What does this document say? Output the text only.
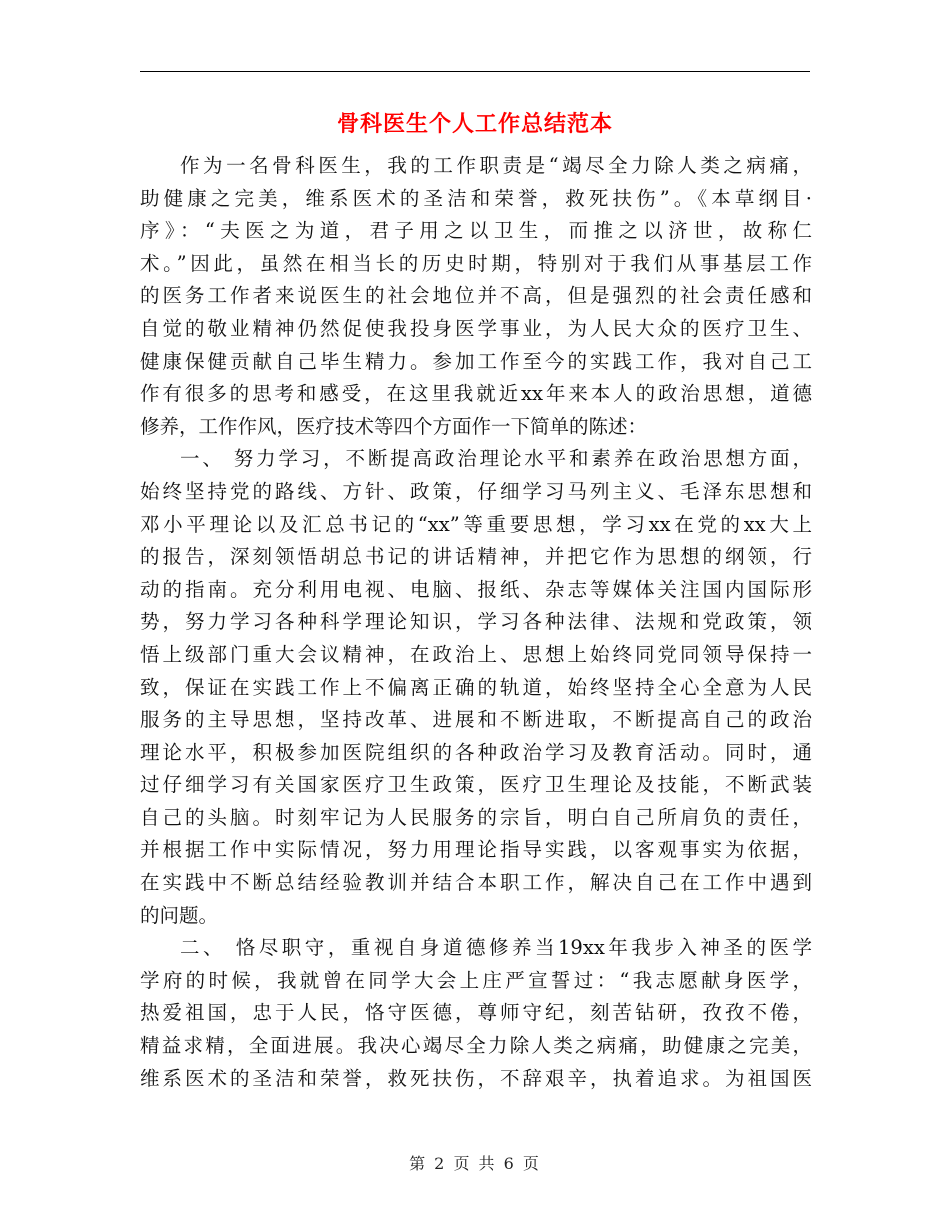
骨科医生个人工作总结范本
作为一名骨科医生，我的工作职责是“竭尽全力除人类之病痛，
助健康之完美，维系医术的圣洁和荣誉，救死扶伤”。《本草纲目·
序》：“夫医之为道，君子用之以卫生，而推之以济世，故称仁
术。”因此，虽然在相当长的历史时期，特别对于我们从事基层工作
的医务工作者来说医生的社会地位并不高，但是强烈的社会责任感和
自觉的敬业精神仍然促使我投身医学事业，为人民大众的医疗卫生、
健康保健贡献自己毕生精力。参加工作至今的实践工作，我对自己工
作有很多的思考和感受，在这里我就近xx年来本人的政治思想，道德
修养，工作作风，医疗技术等四个方面作一下简单的陈述：
一、 努力学习，不断提高政治理论水平和素养在政治思想方面，
始终坚持党的路线、方针、政策，仔细学习马列主义、毛泽东思想和
邓小平理论以及汇总书记的“xx”等重要思想，学习xx在党的xx大上
的报告，深刻领悟胡总书记的讲话精神，并把它作为思想的纲领，行
动的指南。充分利用电视、电脑、报纸、杂志等媒体关注国内国际形
势，努力学习各种科学理论知识，学习各种法律、法规和党政策，领
悟上级部门重大会议精神，在政治上、思想上始终同党同领导保持一
致，保证在实践工作上不偏离正确的轨道，始终坚持全心全意为人民
服务的主导思想，坚持改革、进展和不断进取，不断提高自己的政治
理论水平，积极参加医院组织的各种政治学习及教育活动。同时，通
过仔细学习有关国家医疗卫生政策，医疗卫生理论及技能，不断武装
自己的头脑。时刻牢记为人民服务的宗旨，明白自己所肩负的责任，
并根据工作中实际情况，努力用理论指导实践，以客观事实为依据，
在实践中不断总结经验教训并结合本职工作，解决自己在工作中遇到
的问题。
二、 恪尽职守，重视自身道德修养当19xx年我步入神圣的医学
学府的时候，我就曾在同学大会上庄严宣誓过：“我志愿献身医学，
热爱祖国，忠于人民，恪守医德，尊师守纪，刻苦钻研，孜孜不倦，
精益求精，全面进展。我决心竭尽全力除人类之病痛，助健康之完美，
维系医术的圣洁和荣誉，救死扶伤，不辞艰辛，执着追求。为祖国医
第 2 页 共 6 页
